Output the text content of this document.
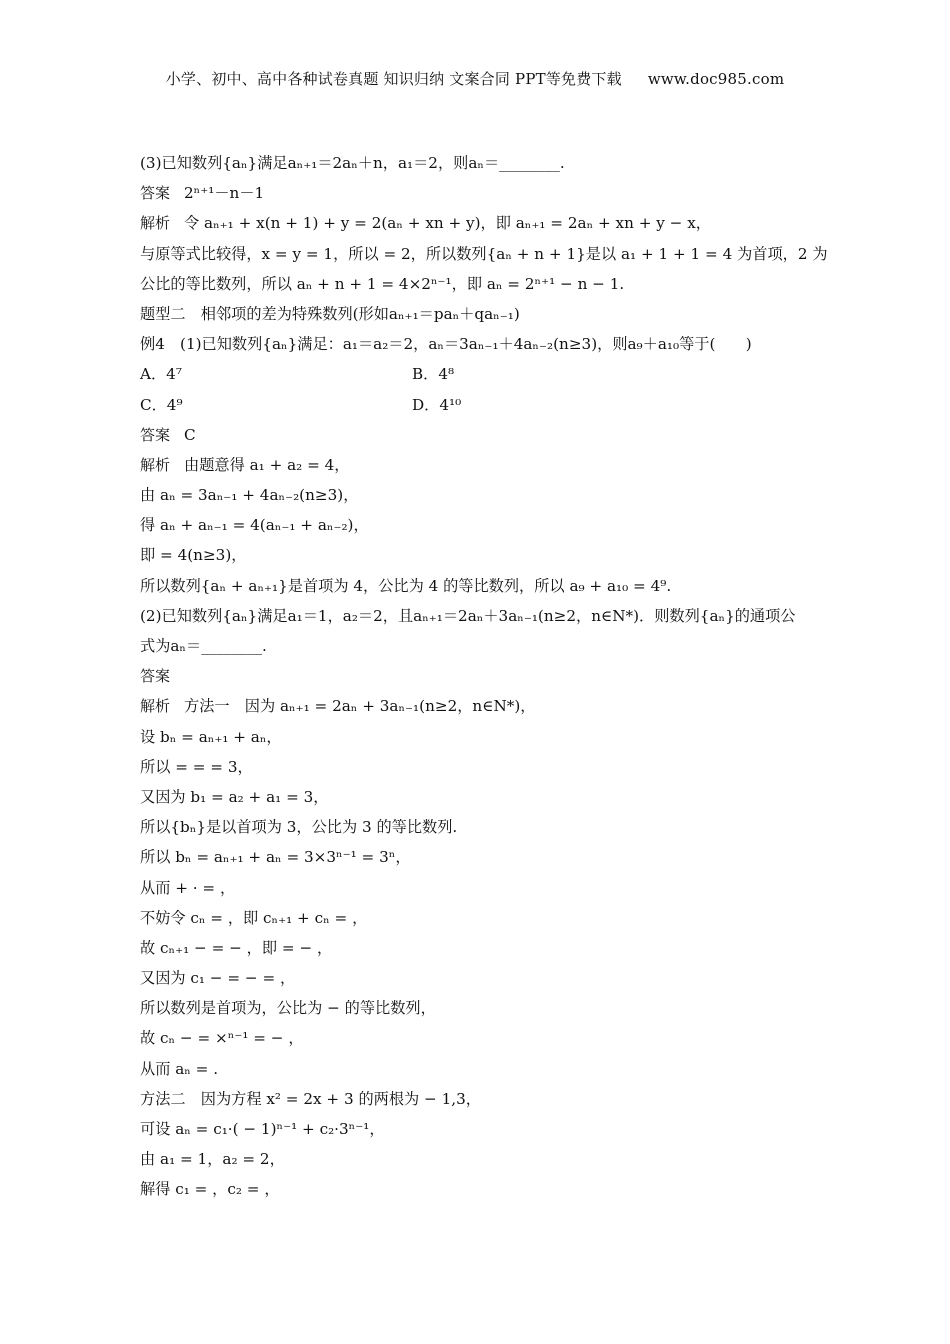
小学、初中、高中各种试卷真题 知识归纳 文案合同 PPT等免费下载 www.doc985.com
(3)已知数列{aₙ}满足aₙ₊₁＝2aₙ＋n，a₁＝2，则aₙ＝________.
答案 2ⁿ⁺¹－n－1
解析 令 aₙ₊₁ + x(n + 1) + y = 2(aₙ + xn + y)，即 aₙ₊₁ = 2aₙ + xn + y − x，
与原等式比较得，x = y = 1，所以 = 2，所以数列{aₙ + n + 1}是以 a₁ + 1 + 1 = 4 为首项，2 为
公比的等比数列，所以 aₙ + n + 1 = 4×2ⁿ⁻¹，即 aₙ = 2ⁿ⁺¹ − n − 1.
题型二　相邻项的差为特殊数列(形如aₙ₊₁＝paₙ＋qaₙ₋₁)
例4　(1)已知数列{aₙ}满足：a₁＝a₂＝2，aₙ＝3aₙ₋₁＋4aₙ₋₂(n≥3)，则a₉＋a₁₀等于(　　)
A．4⁷	B．4⁸
C．4⁹	D．4¹⁰
答案 C
解析 由题意得 a₁ + a₂ = 4，
由 aₙ = 3aₙ₋₁ + 4aₙ₋₂(n≥3)，
得 aₙ + aₙ₋₁ = 4(aₙ₋₁ + aₙ₋₂)，
即 = 4(n≥3)，
所以数列{aₙ + aₙ₊₁}是首项为 4，公比为 4 的等比数列，所以 a₉ + a₁₀ = 4⁹.
(2)已知数列{aₙ}满足a₁＝1，a₂＝2，且aₙ₊₁＝2aₙ＋3aₙ₋₁(n≥2，n∈N*)．则数列{aₙ}的通项公
式为aₙ＝________.
答案
解析 方法一　因为 aₙ₊₁ = 2aₙ + 3aₙ₋₁(n≥2，n∈N*)，
设 bₙ = aₙ₊₁ + aₙ，
所以 = = = 3，
又因为 b₁ = a₂ + a₁ = 3，
所以{bₙ}是以首项为 3，公比为 3 的等比数列.
所以 bₙ = aₙ₊₁ + aₙ = 3×3ⁿ⁻¹ = 3ⁿ，
从而 + · = ，
不妨令 cₙ = ，即 cₙ₊₁ + cₙ = ，
故 cₙ₊₁ − = − ，即 = − ，
又因为 c₁ − = − = ，
所以数列是首项为，公比为 − 的等比数列，
故 cₙ − = ×ⁿ⁻¹ = − ，
从而 aₙ = .
方法二　因为方程 x² = 2x + 3 的两根为 − 1,3，
可设 aₙ = c₁·( − 1)ⁿ⁻¹ + c₂·3ⁿ⁻¹，
由 a₁ = 1，a₂ = 2，
解得 c₁ = ，c₂ = ，
